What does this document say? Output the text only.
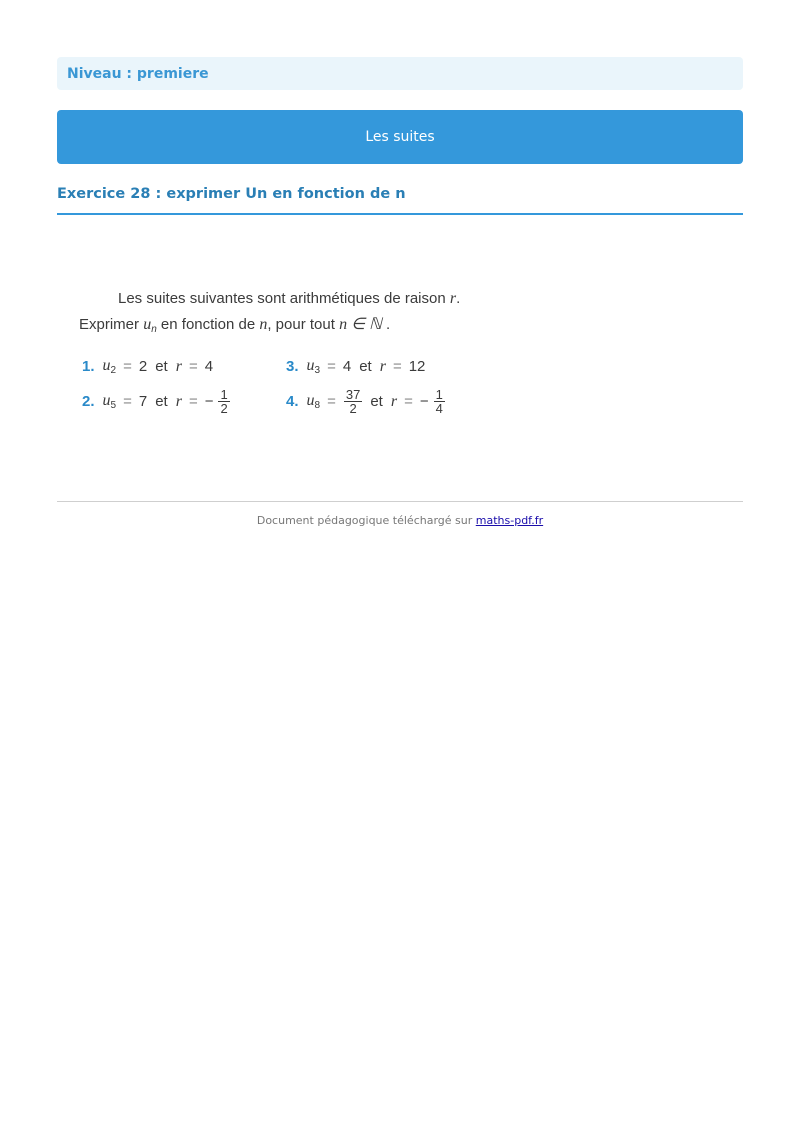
Niveau : premiere
Les suites
Exercice 28 : exprimer Un en fonction de n
Les suites suivantes sont arithmétiques de raison r.
Exprimer $u_n$ en fonction de n, pour tout n ∈ ℕ .
1. $u_2 = 2$ et r = 4
2. $u_5 = 7$ et r = − $\frac{1}{2}$
3. $u_3 = 4$ et r = 12
4. $u_8 = \frac{37}{2}$ et r = − $\frac{1}{4}$
Document pédagogique téléchargé sur maths-pdf.fr
